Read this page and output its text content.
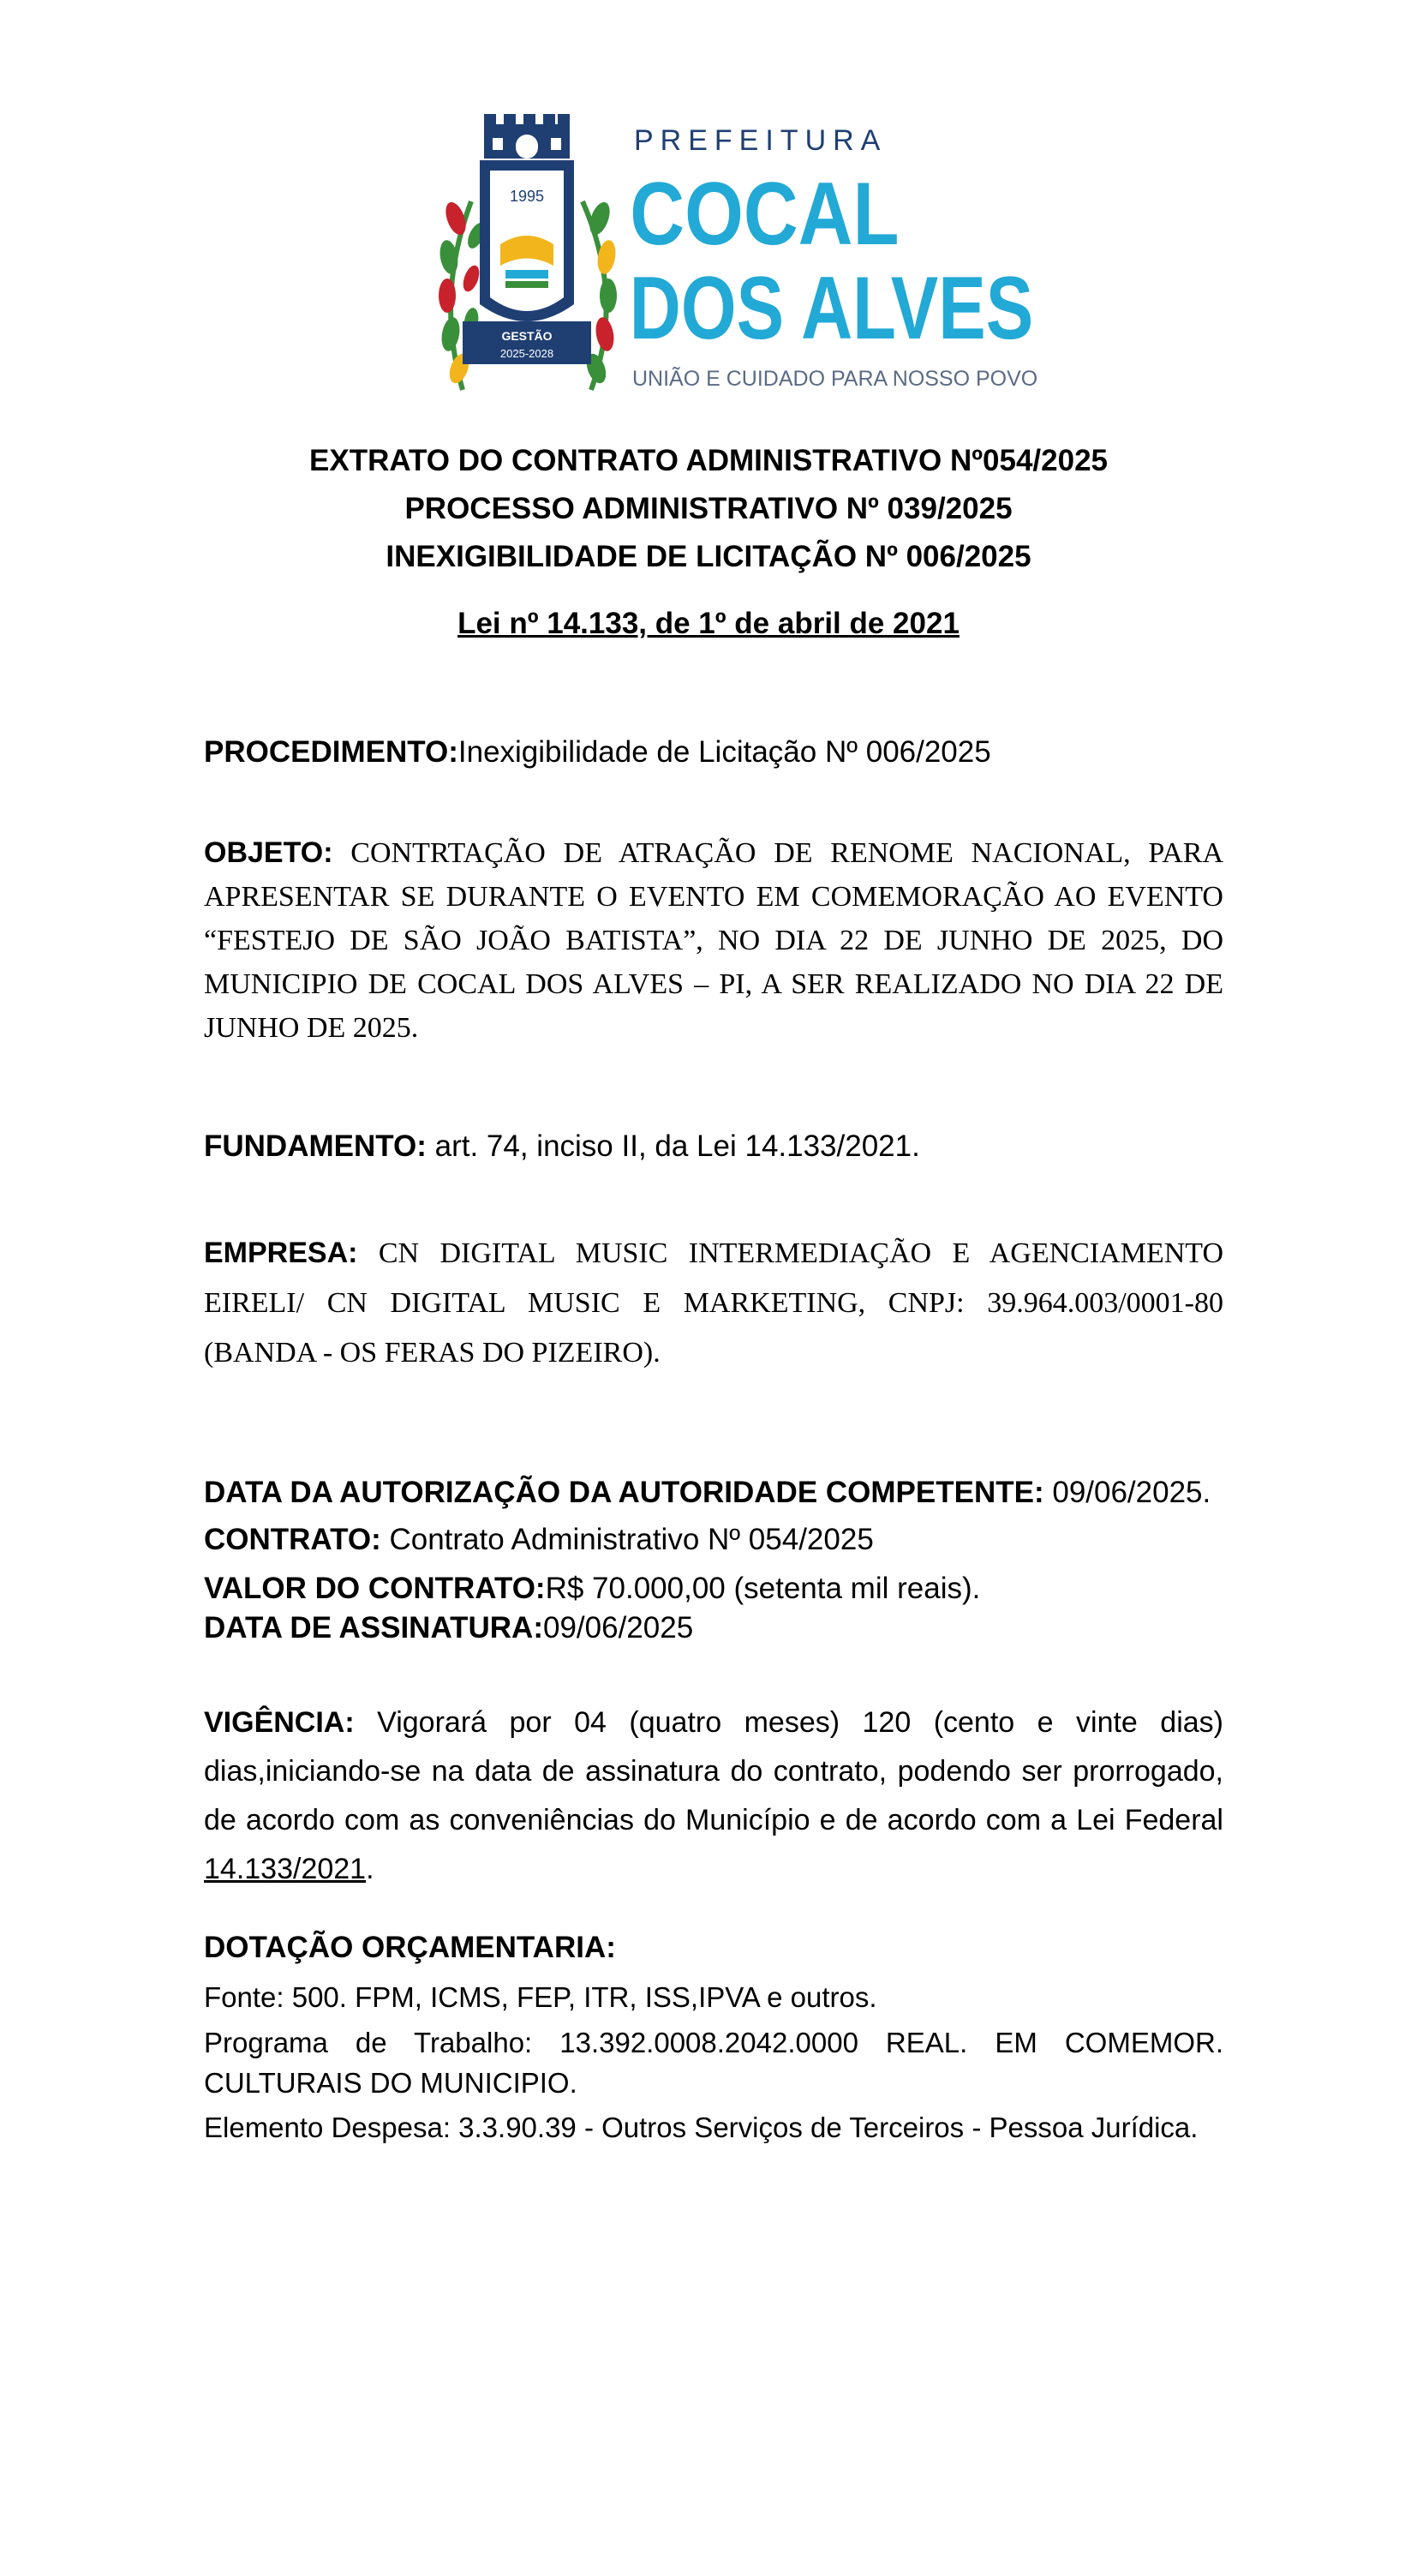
1995
GESTÃO
2025-2028
PREFEITURA
COCAL
DOS ALVES
UNIÃO E CUIDADO PARA NOSSO POVO
EXTRATO DO CONTRATO ADMINISTRATIVO Nº054/2025
PROCESSO ADMINISTRATIVO Nº 039/2025
INEXIGIBILIDADE DE LICITAÇÃO Nº 006/2025
Lei nº 14.133, de 1º de abril de 2021
PROCEDIMENTO:Inexigibilidade de Licitação Nº 006/2025
OBJETO: CONTRTAÇÃO DE ATRAÇÃO DE RENOME NACIONAL, PARA APRESENTAR SE DURANTE O EVENTO EM COMEMORAÇÃO AO EVENTO “FESTEJO DE SÃO JOÃO BATISTA”, NO DIA 22 DE JUNHO DE 2025, DO MUNICIPIO DE COCAL DOS ALVES – PI, A SER REALIZADO NO DIA 22 DE JUNHO DE 2025.
FUNDAMENTO: art. 74, inciso II, da Lei 14.133/2021.
EMPRESA: CN DIGITAL MUSIC INTERMEDIAÇÃO E AGENCIAMENTO EIRELI/ CN DIGITAL MUSIC E MARKETING, CNPJ: 39.964.003/0001-80 (BANDA - OS FERAS DO PIZEIRO).
DATA DA AUTORIZAÇÃO DA AUTORIDADE COMPETENTE: 09/06/2025.
CONTRATO: Contrato Administrativo Nº 054/2025
VALOR DO CONTRATO:R$ 70.000,00 (setenta mil reais).
DATA DE ASSINATURA:09/06/2025
VIGÊNCIA: Vigorará por 04 (quatro meses) 120 (cento e vinte dias) dias,iniciando-se na data de assinatura do contrato, podendo ser prorrogado, de acordo com as conveniências do Município e de acordo com a Lei Federal 14.133/2021.
DOTAÇÃO ORÇAMENTARIA:
Fonte: 500. FPM, ICMS, FEP, ITR, ISS,IPVA e outros.
Programa de Trabalho: 13.392.0008.2042.0000 REAL. EM COMEMOR. CULTURAIS DO MUNICIPIO.
Elemento Despesa: 3.3.90.39 - Outros Serviços de Terceiros - Pessoa Jurídica.
